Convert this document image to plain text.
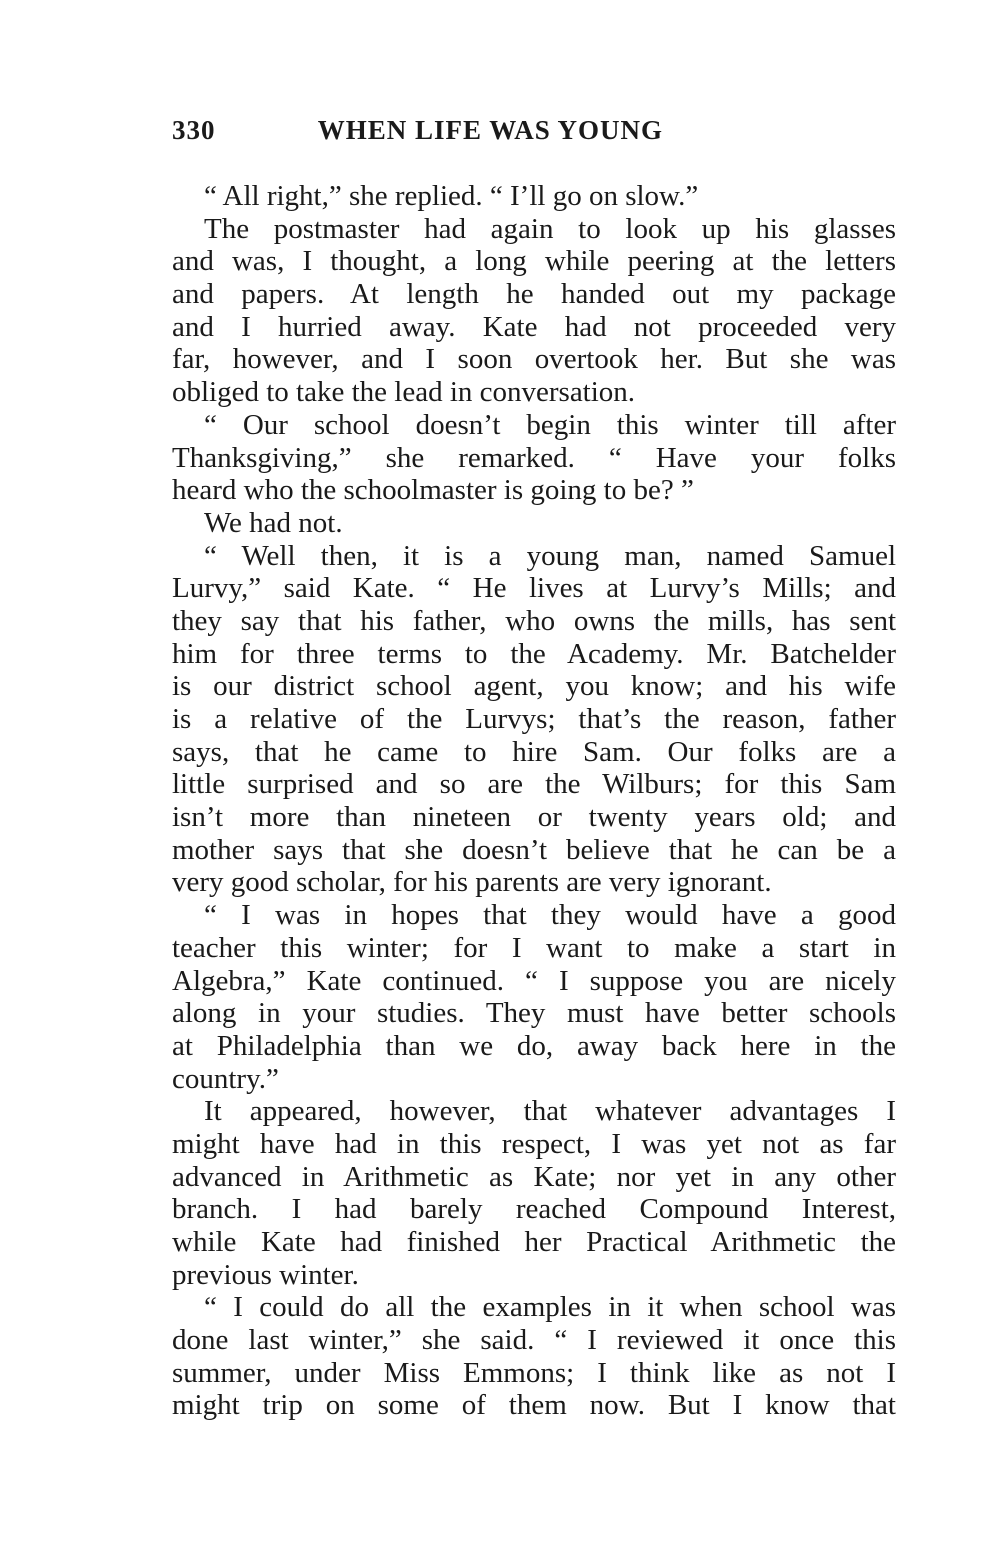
330	WHEN LIFE WAS YOUNG
“ All right,” she replied. “ I’ll go on slow.”
The postmaster had again to look up his glasses
and was, I thought, a long while peering at the letters
and papers. At length he handed out my package
and I hurried away. Kate had not proceeded very
far, however, and I soon overtook her. But she was
obliged to take the lead in conversation.
“ Our school doesn’t begin this winter till after
Thanksgiving,” she remarked. “ Have your folks
heard who the schoolmaster is going to be? ”
We had not.
“ Well then, it is a young man, named Samuel
Lurvy,” said Kate. “ He lives at Lurvy’s Mills; and
they say that his father, who owns the mills, has sent
him for three terms to the Academy. Mr. Batchelder
is our district school agent, you know; and his wife
is a relative of the Lurvys; that’s the reason, father
says, that he came to hire Sam. Our folks are a
little surprised and so are the Wilburs; for this Sam
isn’t more than nineteen or twenty years old; and
mother says that she doesn’t believe that he can be a
very good scholar, for his parents are very ignorant.
“ I was in hopes that they would have a good
teacher this winter; for I want to make a start in
Algebra,” Kate continued. “ I suppose you are nicely
along in your studies. They must have better schools
at Philadelphia than we do, away back here in the
country.”
It appeared, however, that whatever advantages I
might have had in this respect, I was yet not as far
advanced in Arithmetic as Kate; nor yet in any other
branch. I had barely reached Compound Interest,
while Kate had finished her Practical Arithmetic the
previous winter.
“ I could do all the examples in it when school was
done last winter,” she said. “ I reviewed it once this
summer, under Miss Emmons; I think like as not I
might trip on some of them now. But I know that
